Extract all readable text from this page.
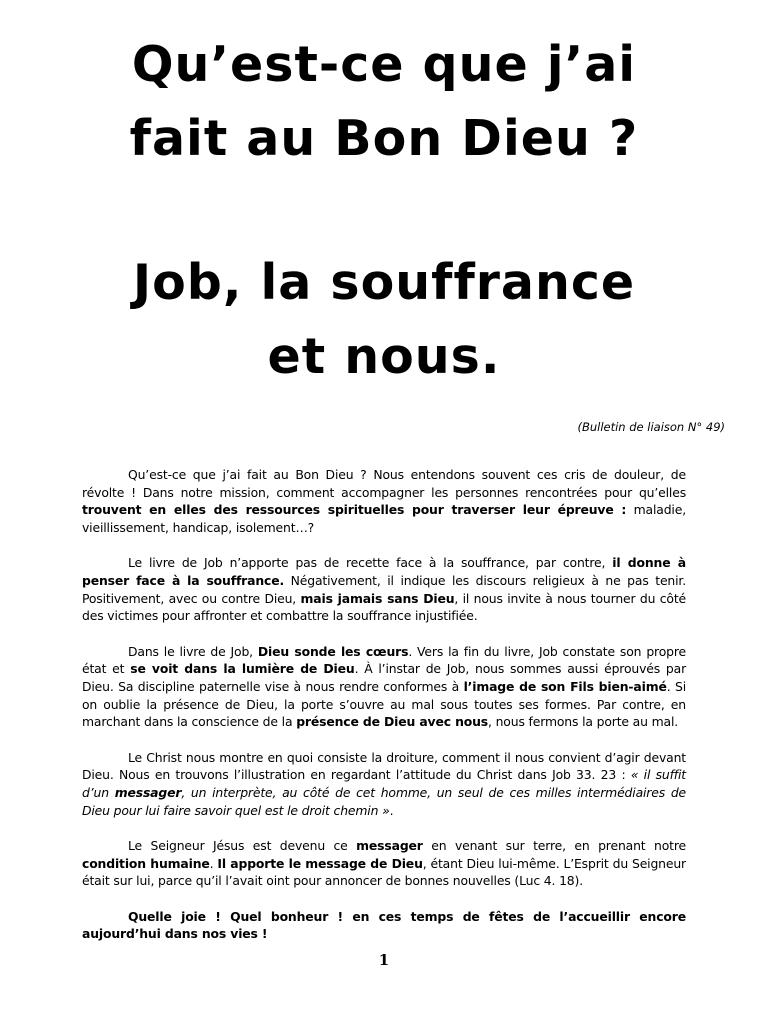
Qu’est-ce que j’ai
fait au Bon Dieu ?
Job, la souffrance
et nous.
(Bulletin de liaison N° 49)

Qu’est-ce que j’ai fait au Bon Dieu ? Nous entendons souvent ces cris de douleur, de révolte ! Dans notre mission, comment accompagner les personnes rencontrées pour qu’elles trouvent en elles des ressources spirituelles pour traverser leur épreuve : maladie, vieillissement, handicap, isolement…?

Le livre de Job n’apporte pas de recette face à la souffrance, par contre, il donne à penser face à la souffrance. Négativement, il indique les discours religieux à ne pas tenir. Positivement, avec ou contre Dieu, mais jamais sans Dieu, il nous invite à nous tourner du côté des victimes pour affronter et combattre la souffrance injustifiée.

Dans le livre de Job, Dieu sonde les cœurs. Vers la fin du livre, Job constate son propre état et se voit dans la lumière de Dieu. À l’instar de Job, nous sommes aussi éprouvés par Dieu. Sa discipline paternelle vise à nous rendre conformes à l’image de son Fils bien-aimé. Si on oublie la présence de Dieu, la porte s’ouvre au mal sous toutes ses formes. Par contre, en marchant dans la conscience de la présence de Dieu avec nous, nous fermons la porte au mal.

Le Christ nous montre en quoi consiste la droiture, comment il nous convient d’agir devant Dieu. Nous en trouvons l’illustration en regardant l’attitude du Christ dans Job 33. 23 : « il suffit d’un messager, un interprète, au côté de cet homme, un seul de ces milles intermédiaires de Dieu pour lui faire savoir quel est le droit chemin ».

Le Seigneur Jésus est devenu ce messager en venant sur terre, en prenant notre condition humaine. Il apporte le message de Dieu, étant Dieu lui-même. L’Esprit du Seigneur était sur lui, parce qu’il l’avait oint pour annoncer de bonnes nouvelles (Luc 4. 18).

Quelle joie ! Quel bonheur ! en ces temps de fêtes de l’accueillir encore aujourd’hui dans nos vies !

1
